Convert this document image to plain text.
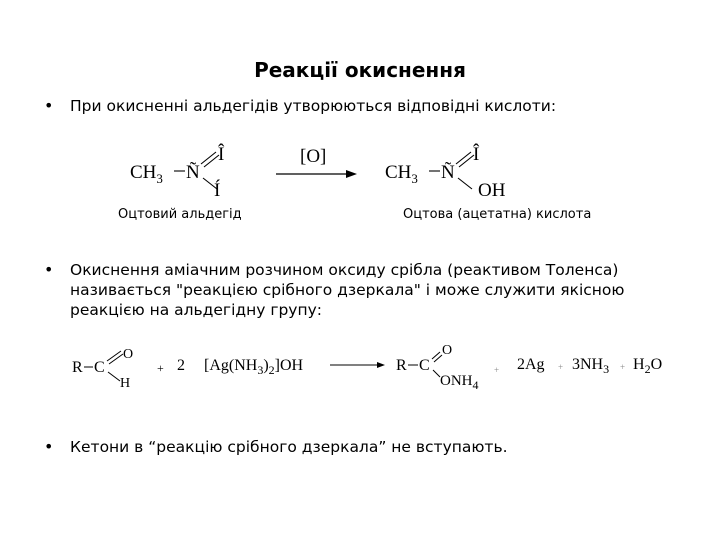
Реакції окиснення
• При окисненні альдегідів утворюються відповідні кислоти:
• Окиснення аміачним розчином оксиду срібла (реактивом Толенса) називається "реакцією срібного дзеркала" і може служити якісною реакцією на альдегідну групу:
• Кетони в “реакцію срібного дзеркала” не вступають.
Оцтовий альдегід	Оцтова (ацетатна) кислота
$CH_3$ Ñ
Î
Í
[O]
$CH_3$ Ñ
Î
OH
R C
O
H
+ 2 $[Ag(NH_3)_2]OH$	R C
O
$ONH_4$
+ $2Ag + 3NH_3 + H_2O$
